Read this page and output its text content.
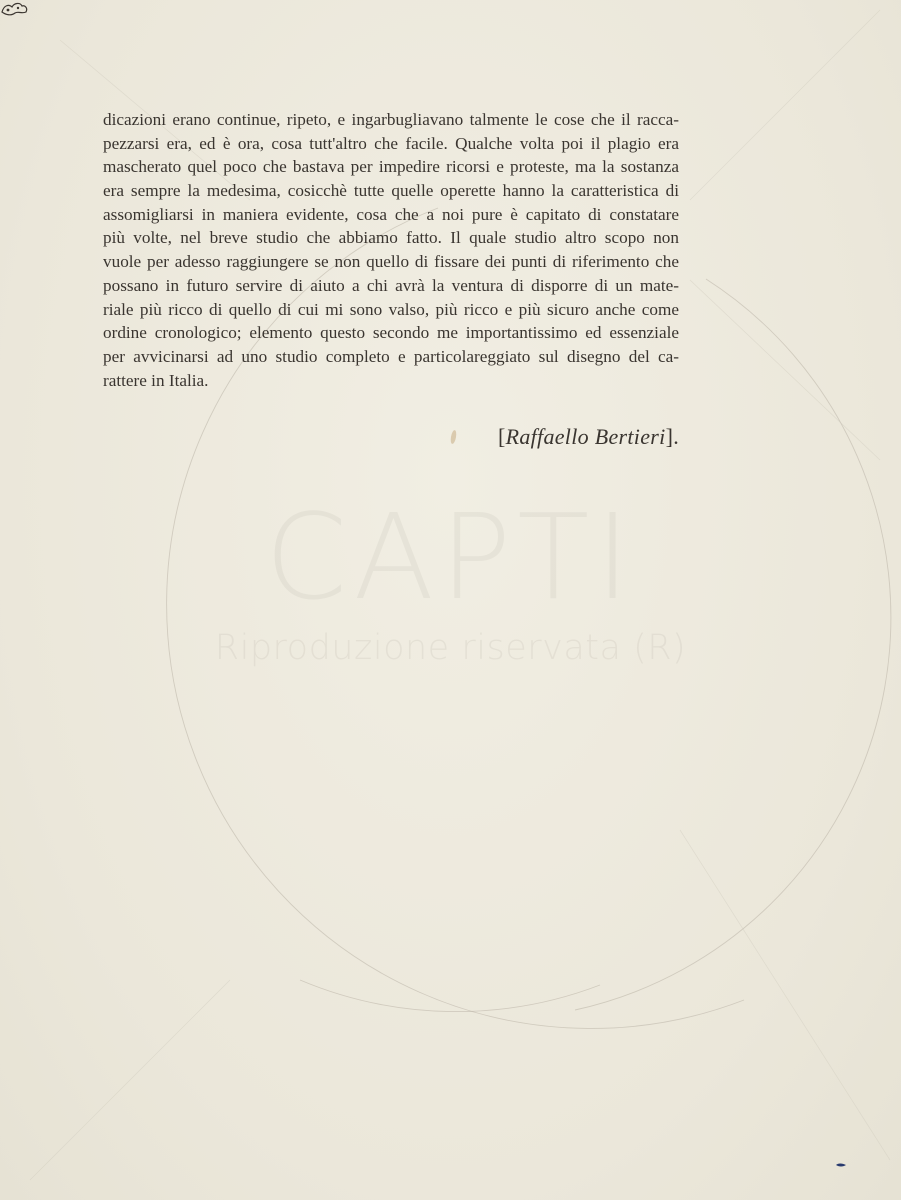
CAPTI
Riproduzione riservata (R)
dicazioni erano continue, ripeto, e ingarbugliavano talmente le cose che il racca-
pezzarsi era, ed è ora, cosa tutt'altro che facile. Qualche volta poi il plagio era
mascherato quel poco che bastava per impedire ricorsi e proteste, ma la sostanza
era sempre la medesima, cosicchè tutte quelle operette hanno la caratteristica di
assomigliarsi in maniera evidente, cosa che a noi pure è capitato di constatare
più volte, nel breve studio che abbiamo fatto. Il quale studio altro scopo non
vuole per adesso raggiungere se non quello di fissare dei punti di riferimento che
possano in futuro servire di aiuto a chi avrà la ventura di disporre di un mate-
riale più ricco di quello di cui mi sono valso, più ricco e più sicuro anche come
ordine cronologico; elemento questo secondo me importantissimo ed essenziale
per avvicinarsi ad uno studio completo e particolareggiato sul disegno del ca-
rattere in Italia.
[Raffaello Bertieri].
